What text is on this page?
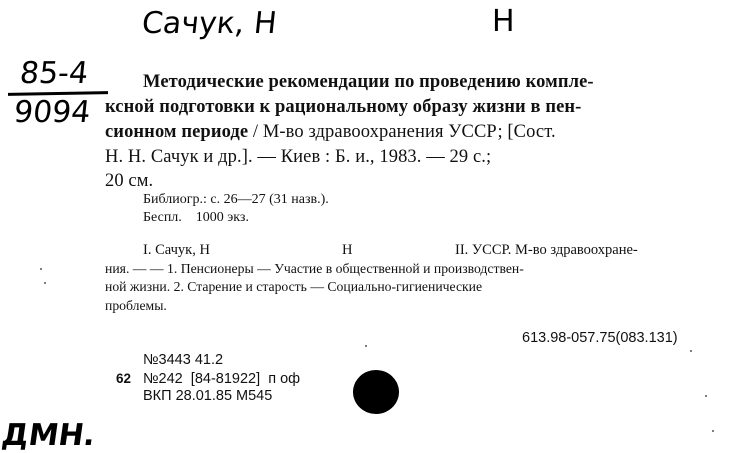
Сачук, Н	Н
85-4
9094
Методические рекомендации по проведению компле-
ксной подготовки к рациональному образу жизни в пен-
сионном периоде / М-во здравоохранения УССР; [Сост.
Н. Н. Сачук и др.]. — Киев : Б. и., 1983. — 29 с.;
20 см.
Библиогр.: с. 26—27 (31 назв.).
Беспл.    1000 экз.
I. Сачук, Н	Н	II. УССР. М-во здравоохране-
ния. — — 1. Пенсионеры — Участие в общественной и производствен-
ной жизни. 2. Старение и старость — Социально-гигиенические
проблемы.
613.98-057.75(083.131)
№3443 41.2
62 №242  [84-81922]  п оф
ВКП 28.01.85 М545
ДМН.
